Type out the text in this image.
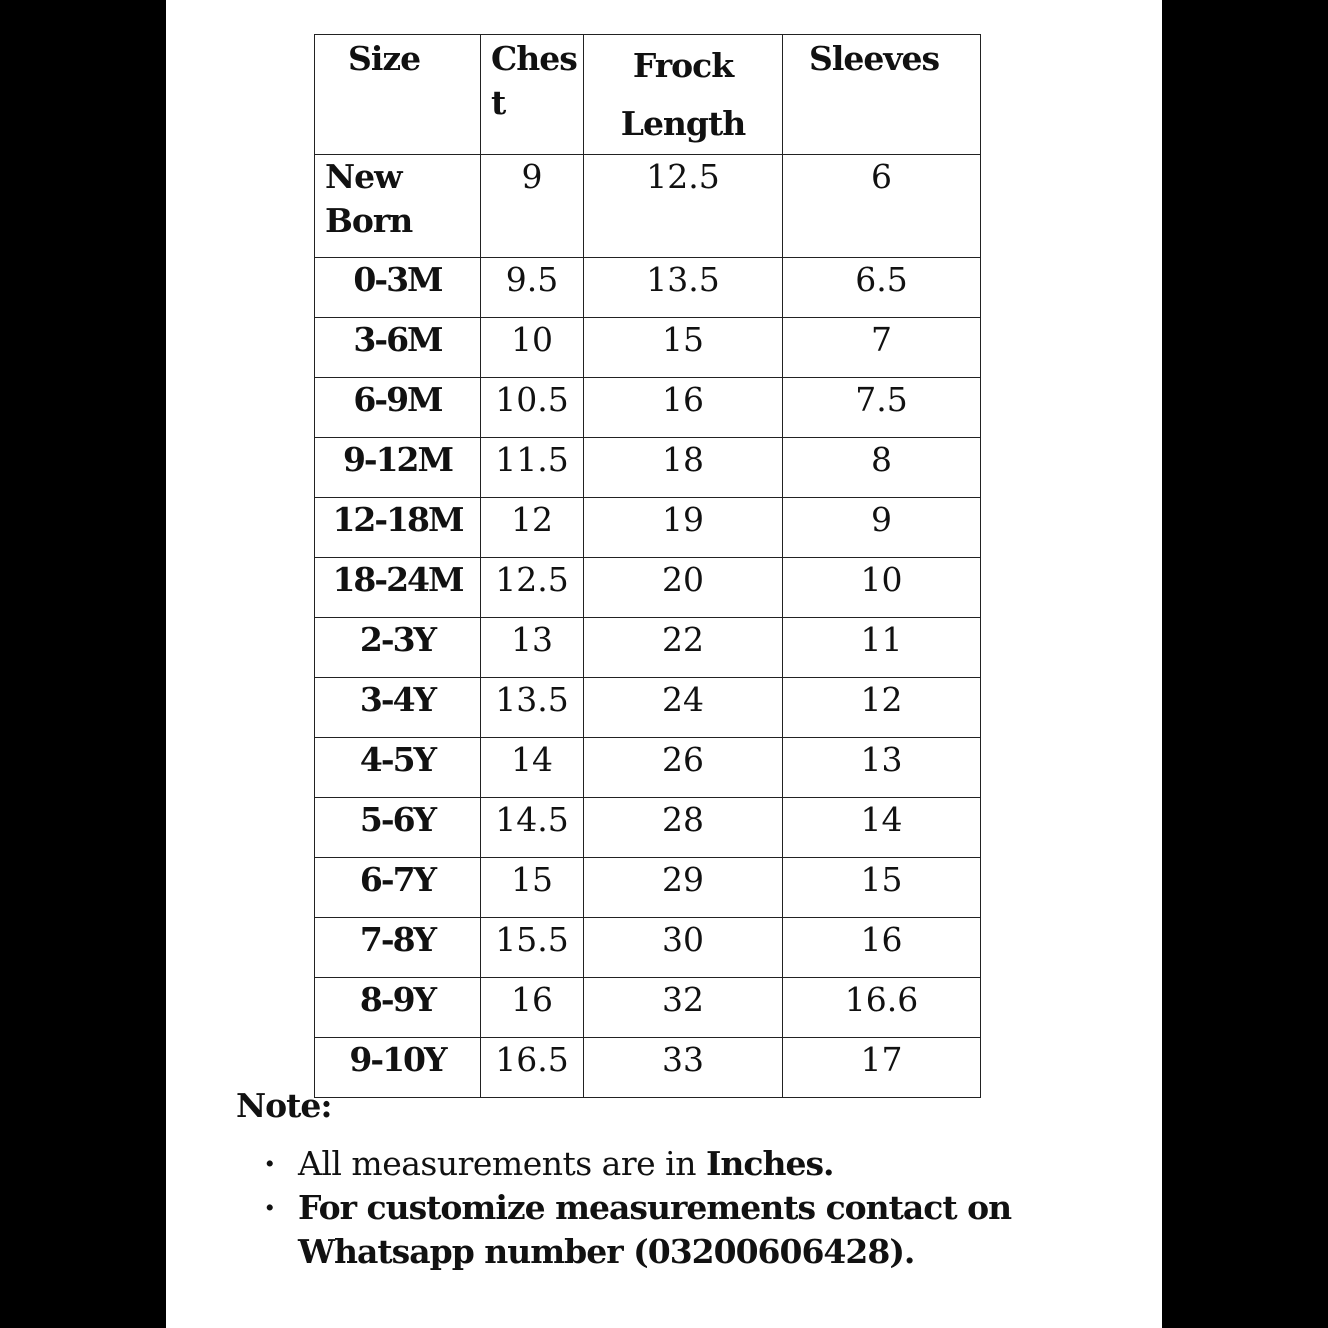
Size	Chest	Frock Length	Sleeves
New Born	9	12.5	6
0-3M	9.5	13.5	6.5
3-6M	10	15	7
6-9M	10.5	16	7.5
9-12M	11.5	18	8
12-18M	12	19	9
18-24M	12.5	20	10
2-3Y	13	22	11
3-4Y	13.5	24	12
4-5Y	14	26	13
5-6Y	14.5	28	14
6-7Y	15	29	15
7-8Y	15.5	30	16
8-9Y	16	32	16.6
9-10Y	16.5	33	17

Note:

· All measurements are in Inches.
· For customize measurements contact on Whatsapp number (03200606428).
